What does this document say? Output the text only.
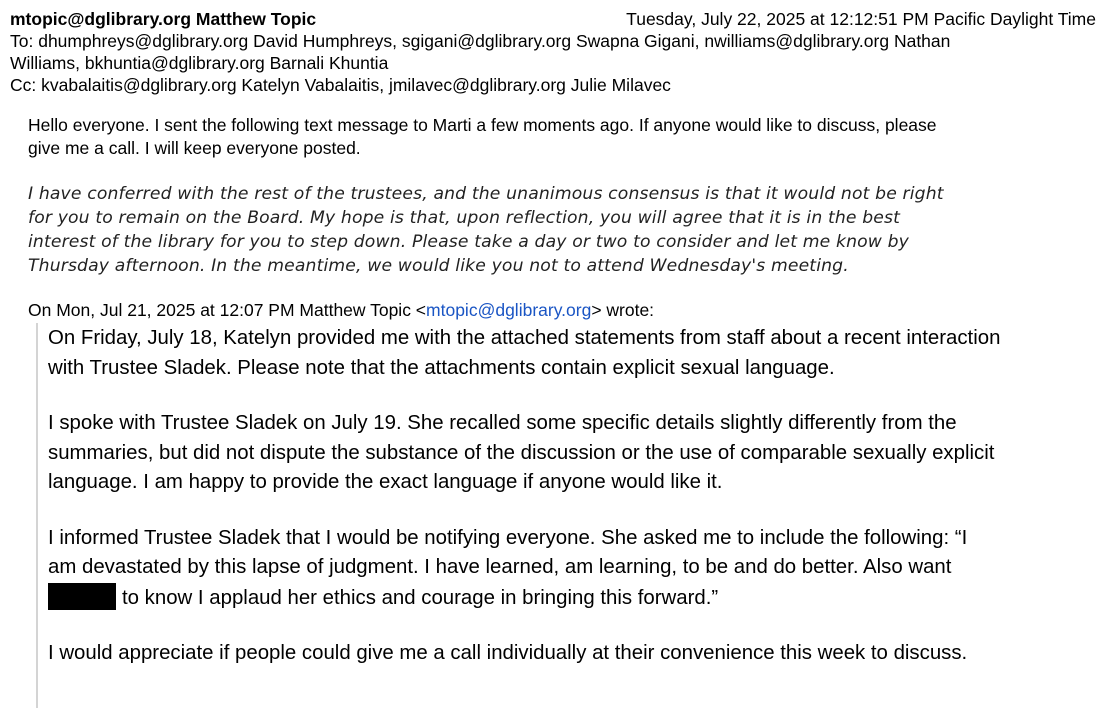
mtopic@dglibrary.org Matthew Topic	Tuesday, July 22, 2025 at 12:12:51 PM Pacific Daylight Time
To: dhumphreys@dglibrary.org David Humphreys, sgigani@dglibrary.org Swapna Gigani, nwilliams@dglibrary.org Nathan
Williams, bkhuntia@dglibrary.org Barnali Khuntia
Cc: kvabalaitis@dglibrary.org Katelyn Vabalaitis, jmilavec@dglibrary.org Julie Milavec
Hello everyone. I sent the following text message to Marti a few moments ago. If anyone would like to discuss, please
give me a call. I will keep everyone posted.
I have conferred with the rest of the trustees, and the unanimous consensus is that it would not be right
for you to remain on the Board. My hope is that, upon reflection, you will agree that it is in the best
interest of the library for you to step down. Please take a day or two to consider and let me know by
Thursday afternoon. In the meantime, we would like you not to attend Wednesday's meeting.
On Mon, Jul 21, 2025 at 12:07 PM Matthew Topic <mtopic@dglibrary.org> wrote:

On Friday, July 18, Katelyn provided me with the attached statements from staff about a recent interaction
with Trustee Sladek. Please note that the attachments contain explicit sexual language.

I spoke with Trustee Sladek on July 19. She recalled some specific details slightly differently from the
summaries, but did not dispute the substance of the discussion or the use of comparable sexually explicit
language. I am happy to provide the exact language if anyone would like it.

I informed Trustee Sladek that I would be notifying everyone. She asked me to include the following: “I
am devastated by this lapse of judgment. I have learned, am learning, to be and do better. Also want
to know I applaud her ethics and courage in bringing this forward.”

I would appreciate if people could give me a call individually at their convenience this week to discuss.
